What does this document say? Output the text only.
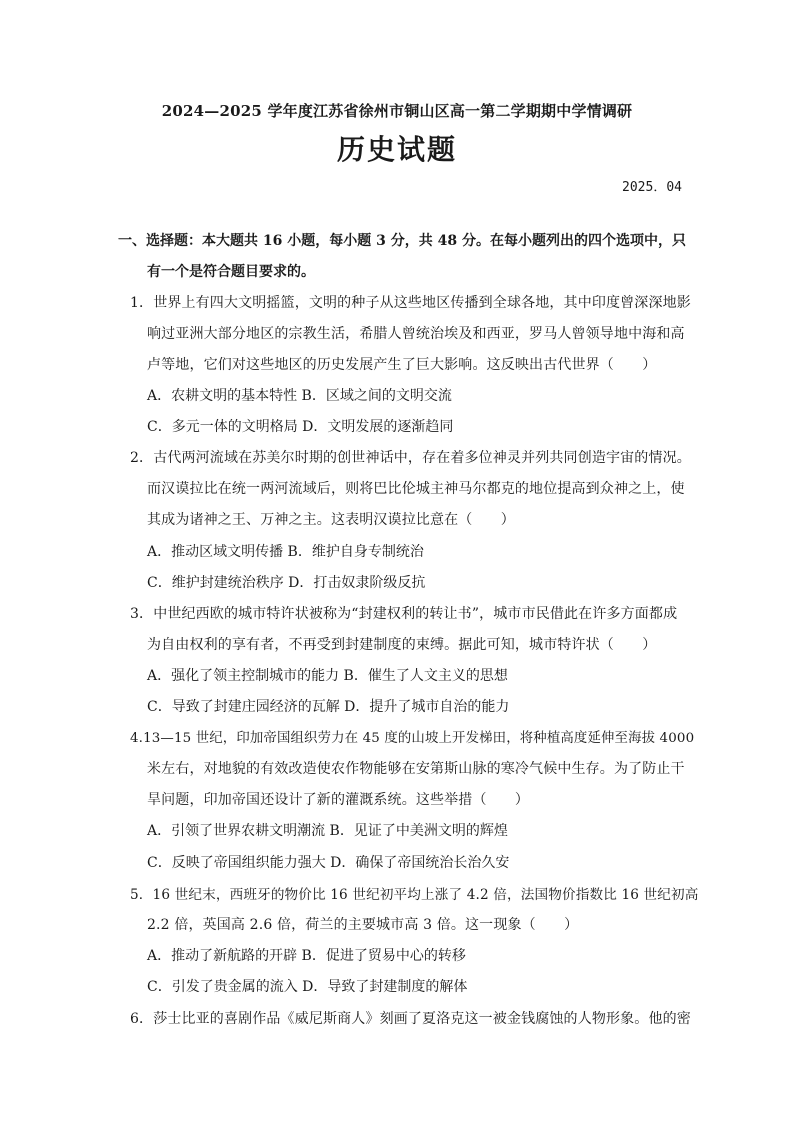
2024—2025 学年度江苏省徐州市铜山区高一第二学期期中学情调研
历史试题
2025．04
一、选择题：本大题共 16 小题，每小题 3 分，共 48 分。在每小题列出的四个选项中，只
有一个是符合题目要求的。
1．世界上有四大文明摇篮，文明的种子从这些地区传播到全球各地，其中印度曾深深地影
响过亚洲大部分地区的宗教生活，希腊人曾统治埃及和西亚，罗马人曾领导地中海和高
卢等地，它们对这些地区的历史发展产生了巨大影响。这反映出古代世界（　　）
A．农耕文明的基本特性 B．区域之间的文明交流
C．多元一体的文明格局 D．文明发展的逐渐趋同
2．古代两河流域在苏美尔时期的创世神话中，存在着多位神灵并列共同创造宇宙的情况。
而汉谟拉比在统一两河流域后，则将巴比伦城主神马尔都克的地位提高到众神之上，使
其成为诸神之王、万神之主。这表明汉谟拉比意在（　　）
A．推动区域文明传播 B．维护自身专制统治
C．维护封建统治秩序 D．打击奴隶阶级反抗
3．中世纪西欧的城市特许状被称为“封建权利的转让书”，城市市民借此在许多方面都成
为自由权利的享有者，不再受到封建制度的束缚。据此可知，城市特许状（　　）
A．强化了领主控制城市的能力 B．催生了人文主义的思想
C．导致了封建庄园经济的瓦解 D．提升了城市自治的能力
4.13—15 世纪，印加帝国组织劳力在 45 度的山坡上开发梯田，将种植高度延伸至海拔 4000
米左右，对地貌的有效改造使农作物能够在安第斯山脉的寒冷气候中生存。为了防止干
旱问题，印加帝国还设计了新的灌溉系统。这些举措（　　）
A．引领了世界农耕文明潮流 B．见证了中美洲文明的辉煌
C．反映了帝国组织能力强大 D．确保了帝国统治长治久安
5．16 世纪末，西班牙的物价比 16 世纪初平均上涨了 4.2 倍，法国物价指数比 16 世纪初高
2.2 倍，英国高 2.6 倍，荷兰的主要城市高 3 倍。这一现象（　　）
A．推动了新航路的开辟 B．促进了贸易中心的转移
C．引发了贵金属的流入 D．导致了封建制度的解体
6．莎士比亚的喜剧作品《威尼斯商人》刻画了夏洛克这一被金钱腐蚀的人物形象。他的密
